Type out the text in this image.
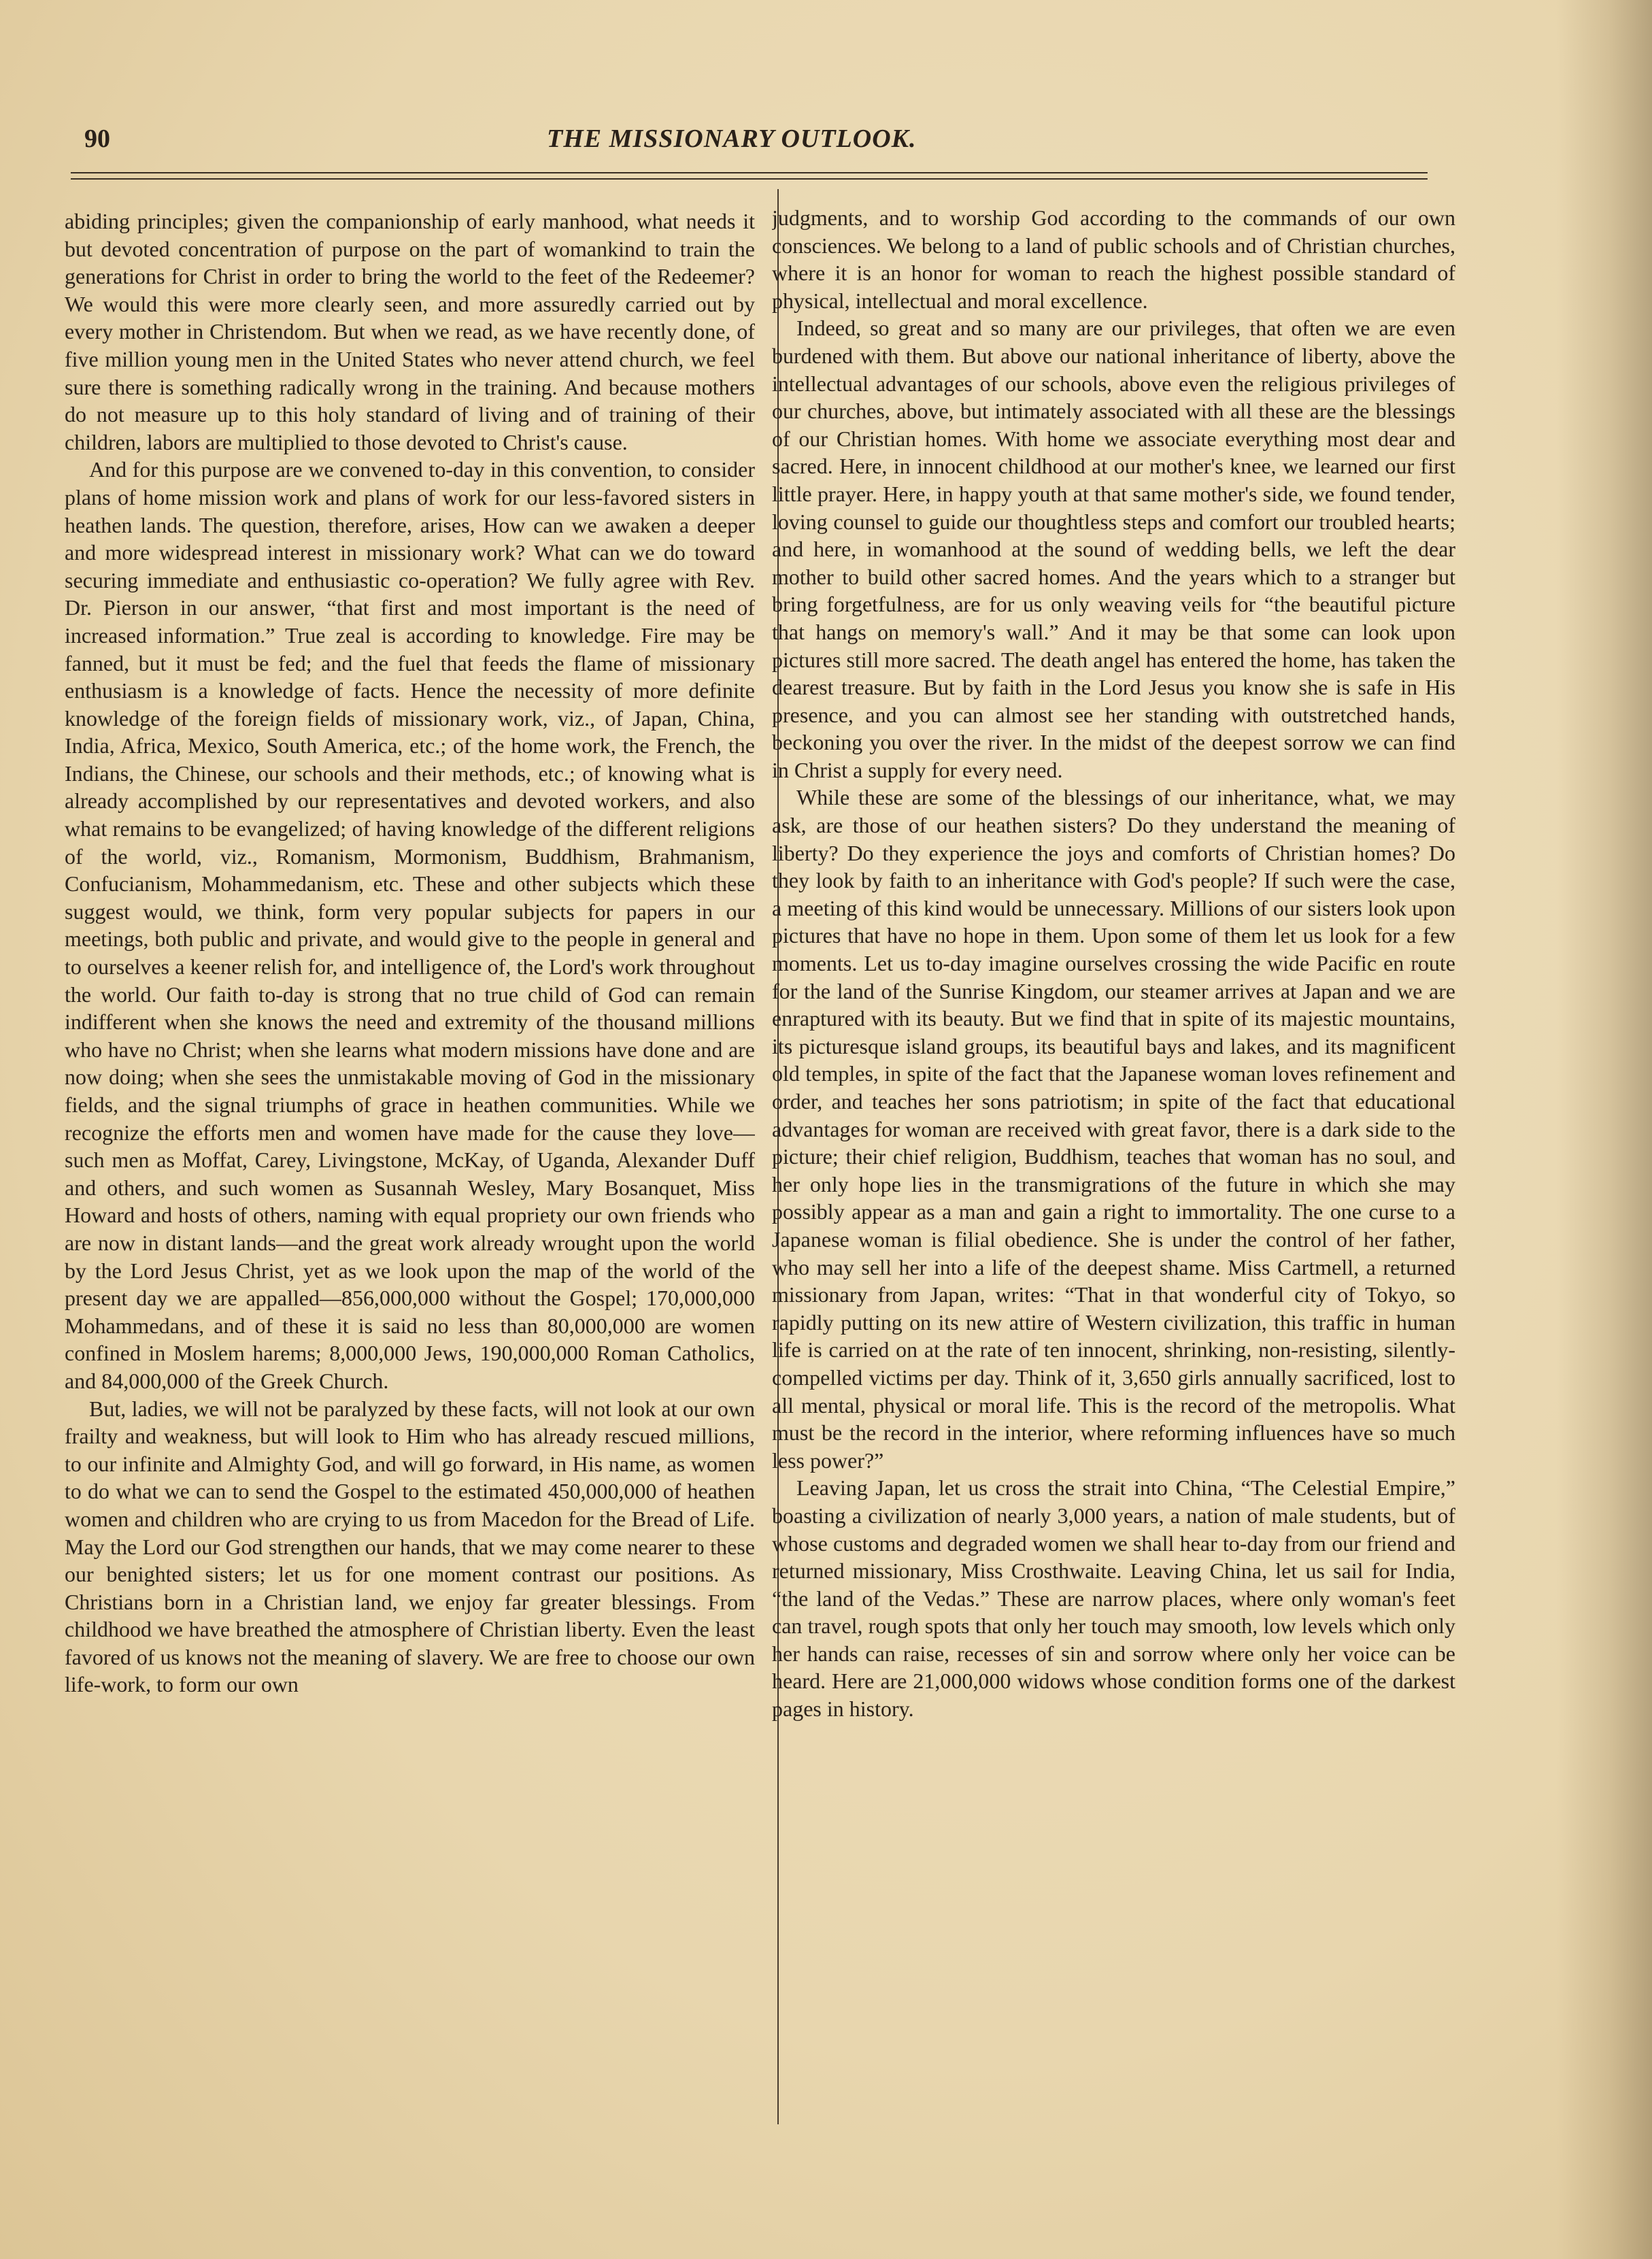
90	THE MISSIONARY OUTLOOK.

abiding principles; given the companionship of early manhood, what needs it but devoted concentration of purpose on the part of womankind to train the generations for Christ in order to bring the world to the feet of the Redeemer? We would this were more clearly seen, and more assuredly carried out by every mother in Christendom. But when we read, as we have recently done, of five million young men in the United States who never attend church, we feel sure there is something radically wrong in the training. And because mothers do not measure up to this holy standard of living and of training of their children, labors are multiplied to those devoted to Christ's cause.

And for this purpose are we convened to-day in this convention, to consider plans of home mission work and plans of work for our less-favored sisters in heathen lands. The question, therefore, arises, How can we awaken a deeper and more widespread interest in missionary work? What can we do toward securing immediate and enthusiastic co-operation? We fully agree with Rev. Dr. Pierson in our answer, “that first and most important is the need of increased information.” True zeal is according to knowledge. Fire may be fanned, but it must be fed; and the fuel that feeds the flame of missionary enthusiasm is a knowledge of facts. Hence the necessity of more definite knowledge of the foreign fields of missionary work, viz., of Japan, China, India, Africa, Mexico, South America, etc.; of the home work, the French, the Indians, the Chinese, our schools and their methods, etc.; of knowing what is already accomplished by our representatives and devoted workers, and also what remains to be evangelized; of having knowledge of the different religions of the world, viz., Romanism, Mormonism, Buddhism, Brahmanism, Confucianism, Mohammedanism, etc. These and other subjects which these suggest would, we think, form very popular subjects for papers in our meetings, both public and private, and would give to the people in general and to ourselves a keener relish for, and intelligence of, the Lord's work throughout the world. Our faith to-day is strong that no true child of God can remain indifferent when she knows the need and extremity of the thousand millions who have no Christ; when she learns what modern missions have done and are now doing; when she sees the unmistakable moving of God in the missionary fields, and the signal triumphs of grace in heathen communities. While we recognize the efforts men and women have made for the cause they love—such men as Moffat, Carey, Livingstone, McKay, of Uganda, Alexander Duff and others, and such women as Susannah Wesley, Mary Bosanquet, Miss Howard and hosts of others, naming with equal propriety our own friends who are now in distant lands—and the great work already wrought upon the world by the Lord Jesus Christ, yet as we look upon the map of the world of the present day we are appalled—856,000,000 without the Gospel; 170,000,000 Mohammedans, and of these it is said no less than 80,000,000 are women confined in Moslem harems; 8,000,000 Jews, 190,000,000 Roman Catholics, and 84,000,000 of the Greek Church.

But, ladies, we will not be paralyzed by these facts, will not look at our own frailty and weakness, but will look to Him who has already rescued millions, to our infinite and Almighty God, and will go forward, in His name, as women to do what we can to send the Gospel to the estimated 450,000,000 of heathen women and children who are crying to us from Macedon for the Bread of Life. May the Lord our God strengthen our hands, that we may come nearer to these our benighted sisters; let us for one moment contrast our positions. As Christians born in a Christian land, we enjoy far greater blessings. From childhood we have breathed the atmosphere of Christian liberty. Even the least favored of us knows not the meaning of slavery. We are free to choose our own life-work, to form our own

judgments, and to worship God according to the commands of our own consciences. We belong to a land of public schools and of Christian churches, where it is an honor for woman to reach the highest possible standard of physical, intellectual and moral excellence.

Indeed, so great and so many are our privileges, that often we are even burdened with them. But above our national inheritance of liberty, above the intellectual advantages of our schools, above even the religious privileges of our churches, above, but intimately associated with all these are the blessings of our Christian homes. With home we associate everything most dear and sacred. Here, in innocent childhood at our mother's knee, we learned our first little prayer. Here, in happy youth at that same mother's side, we found tender, loving counsel to guide our thoughtless steps and comfort our troubled hearts; and here, in womanhood at the sound of wedding bells, we left the dear mother to build other sacred homes. And the years which to a stranger but bring forgetfulness, are for us only weaving veils for “the beautiful picture that hangs on memory's wall.” And it may be that some can look upon pictures still more sacred. The death angel has entered the home, has taken the dearest treasure. But by faith in the Lord Jesus you know she is safe in His presence, and you can almost see her standing with outstretched hands, beckoning you over the river. In the midst of the deepest sorrow we can find in Christ a supply for every need.

While these are some of the blessings of our inheritance, what, we may ask, are those of our heathen sisters? Do they understand the meaning of liberty? Do they experience the joys and comforts of Christian homes? Do they look by faith to an inheritance with God's people? If such were the case, a meeting of this kind would be unnecessary. Millions of our sisters look upon pictures that have no hope in them. Upon some of them let us look for a few moments. Let us to-day imagine ourselves crossing the wide Pacific en route for the land of the Sunrise Kingdom, our steamer arrives at Japan and we are enraptured with its beauty. But we find that in spite of its majestic mountains, its picturesque island groups, its beautiful bays and lakes, and its magnificent old temples, in spite of the fact that the Japanese woman loves refinement and order, and teaches her sons patriotism; in spite of the fact that educational advantages for woman are received with great favor, there is a dark side to the picture; their chief religion, Buddhism, teaches that woman has no soul, and her only hope lies in the transmigrations of the future in which she may possibly appear as a man and gain a right to immortality. The one curse to a Japanese woman is filial obedience. She is under the control of her father, who may sell her into a life of the deepest shame. Miss Cartmell, a returned missionary from Japan, writes: “That in that wonderful city of Tokyo, so rapidly putting on its new attire of Western civilization, this traffic in human life is carried on at the rate of ten innocent, shrinking, non-resisting, silently-compelled victims per day. Think of it, 3,650 girls annually sacrificed, lost to all mental, physical or moral life. This is the record of the metropolis. What must be the record in the interior, where reforming influences have so much less power?”

Leaving Japan, let us cross the strait into China, “The Celestial Empire,” boasting a civilization of nearly 3,000 years, a nation of male students, but of whose customs and degraded women we shall hear to-day from our friend and returned missionary, Miss Crosthwaite. Leaving China, let us sail for India, “the land of the Vedas.” These are narrow places, where only woman's feet can travel, rough spots that only her touch may smooth, low levels which only her hands can raise, recesses of sin and sorrow where only her voice can be heard. Here are 21,000,000 widows whose condition forms one of the darkest pages in history.
